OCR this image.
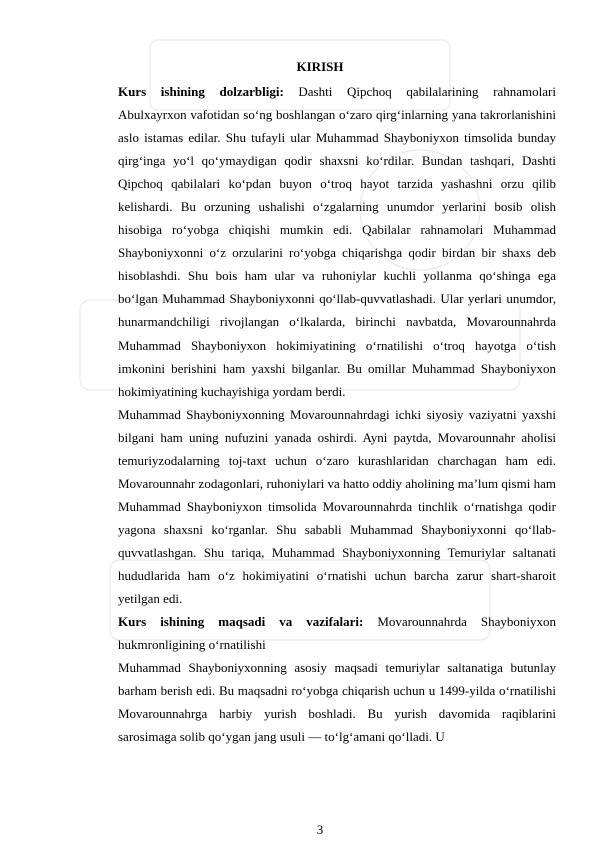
KIRISH

Kurs ishining dolzarbligi: Dashti Qipchoq qabilalarining rahnamolari Abulxayrxon vafotidan so‘ng boshlangan o‘zaro qirg‘inlarning yana takrorlanishini aslo istamas edilar. Shu tufayli ular Muhammad Shayboniyxon timsolida bunday qirg‘inga yo‘l qo‘ymaydigan qodir shaxsni ko‘rdilar. Bundan tashqari, Dashti Qipchoq qabilalari ko‘pdan buyon o‘troq hayot tarzida yashashni orzu qilib kelishardi. Bu orzuning ushalishi o‘zgalarning unumdor yerlarini bosib olish hisobiga ro‘yobga chiqishi mumkin edi. Qabilalar rahnamolari Muhammad Shayboniyxonni o‘z orzularini ro‘yobga chiqarishga qodir birdan bir shaxs deb hisoblashdi. Shu bois ham ular va ruhoniylar kuchli yollanma qo‘shinga ega bo‘lgan Muhammad Shayboniyxonni qo‘llab-quvvatlashadi. Ular yerlari unumdor, hunarmandchiligi rivojlangan o‘lkalarda, birinchi navbatda, Movarounnahrda Muhammad Shayboniyxon hokimiyatining o‘rnatilishi o‘troq hayotga o‘tish imkonini berishini ham yaxshi bilganlar. Bu omillar Muhammad Shayboniyxon hokimiyatining kuchayishiga yordam berdi.

Muhammad Shayboniyxonning Movarounnahrdagi ichki siyosiy vaziyatni yaxshi bilgani ham uning nufuzini yanada oshirdi. Ayni paytda, Movarounnahr aholisi temuriyzodalarning toj-taxt uchun o‘zaro kurashlaridan charchagan ham edi. Movarounnahr zodagonlari, ruhoniylari va hatto oddiy aholining ma’lum qismi ham Muhammad Shayboniyxon timsolida Movarounnahrda tinchlik o‘rnatishga qodir yagona shaxsni ko‘rganlar. Shu sababli Muhammad Shayboniyxonni qo‘llab-quvvatlashgan. Shu tariqa, Muhammad Shayboniyxonning Temuriylar saltanati hududlarida ham o‘z hokimiyatini o‘rnatishi uchun barcha zarur shart-sharoit yetilgan edi.

Kurs ishining maqsadi va vazifalari: Movarounnahrda Shayboniyxon hukmronligining o‘rnatilishi

Muhammad Shayboniyxonning asosiy maqsadi temuriylar saltanatiga butunlay barham berish edi. Bu maqsadni ro‘yobga chiqarish uchun u 1499-yilda o‘rnatilishi Movarounnahrga harbiy yurish boshladi. Bu yurish davomida raqiblarini sarosimaga solib qo‘ygan jang usuli — to‘lg‘amani qo‘lladi. U

3
